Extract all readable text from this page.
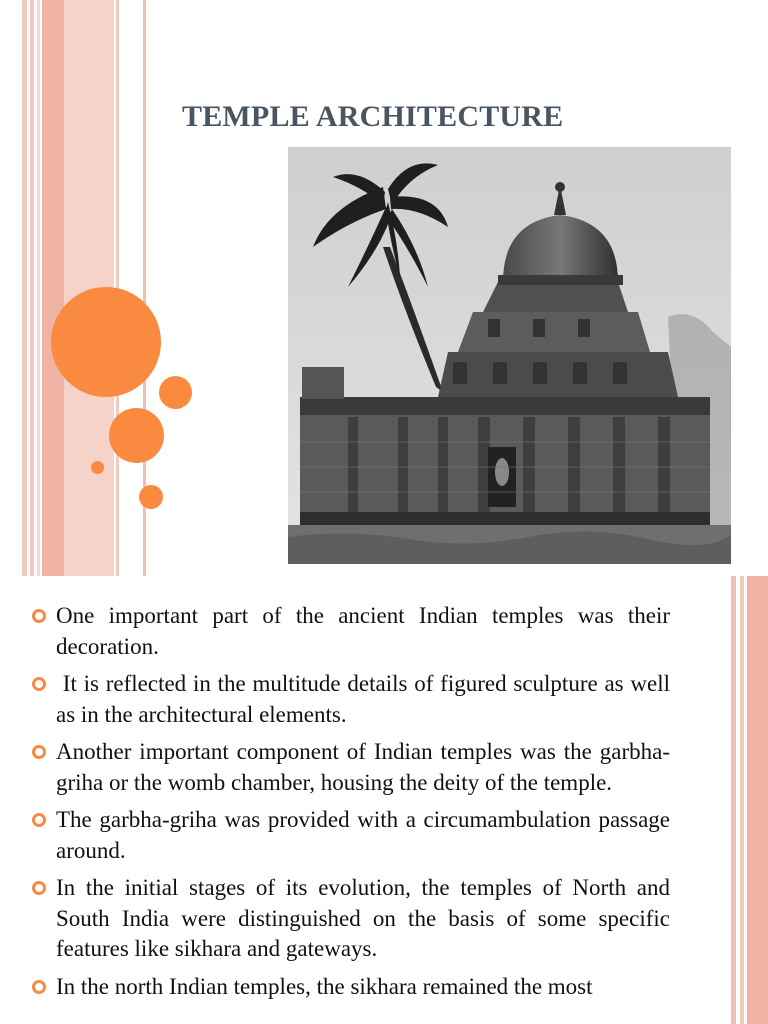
TEMPLE ARCHITECTURE
One important part of the ancient Indian temples was their decoration.
It is reflected in the multitude details of figured sculpture as well as in the architectural elements.
Another important component of Indian temples was the garbha-griha or the womb chamber, housing the deity of the temple.
The garbha-griha was provided with a circumambulation passage around.
In the initial stages of its evolution, the temples of North and South India were distinguished on the basis of some specific features like sikhara and gateways.
In the north Indian temples, the sikhara remained the most
